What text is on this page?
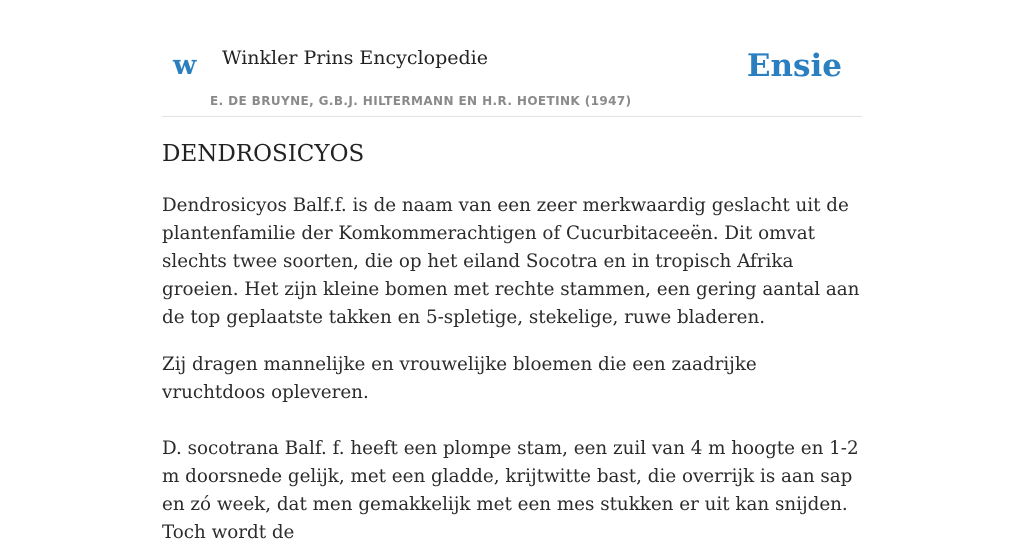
w Winkler Prins Encyclopedie
E. DE BRUYNE, G.B.J. HILTERMANN EN H.R. HOETINK (1947)
Ensie
DENDROSICYOS

Dendrosicyos Balf.f. is de naam van een zeer merkwaardig geslacht uit de plantenfamilie der Komkommerachtigen of Cucurbitaceeën. Dit omvat slechts twee soorten, die op het eiland Socotra en in tropisch Afrika groeien. Het zijn kleine bomen met rechte stammen, een gering aantal aan de top geplaatste takken en 5-spletige, stekelige, ruwe bladeren.

Zij dragen mannelijke en vrouwelijke bloemen die een zaadrijke vruchtdoos opleveren.

D. socotrana Balf. f. heeft een plompe stam, een zuil van 4 m hoogte en 1-2 m doorsnede gelijk, met een gladde, krijtwitte bast, die overrijk is aan sap en zó week, dat men gemakkelijk met een mes stukken er uit kan snijden. Toch wordt de
